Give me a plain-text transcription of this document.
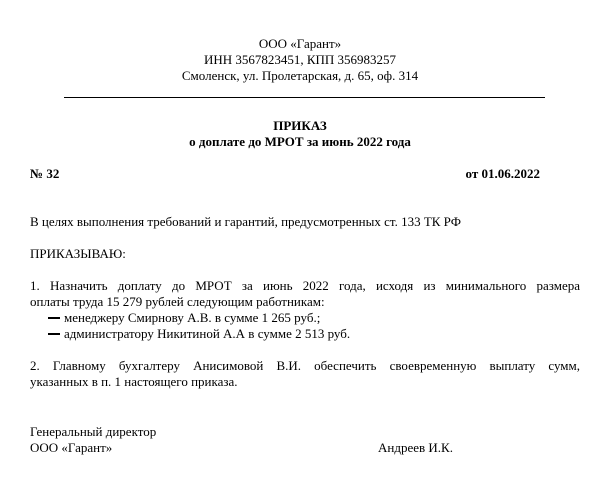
ООО «Гарант»
ИНН 3567823451, КПП 356983257
Смоленск, ул. Пролетарская, д. 65, оф. 314
ПРИКАЗ
о доплате до МРОТ за июнь 2022 года
№ 32	от 01.06.2022
В целях выполнения требований и гарантий, предусмотренных ст. 133 ТК РФ
ПРИКАЗЫВАЮ:
1. Назначить доплату до МРОТ за июнь 2022 года, исходя из минимального размера
оплаты труда 15 279 рублей следующим работникам:
менеджеру Смирнову А.В. в сумме 1 265 руб.;
администратору Никитиной А.А в сумме 2 513 руб.
2. Главному бухгалтеру Анисимовой В.И. обеспечить своевременную выплату сумм,
указанных в п. 1 настоящего приказа.
Генеральный директор
ООО «Гарант»	Андреев И.К.
